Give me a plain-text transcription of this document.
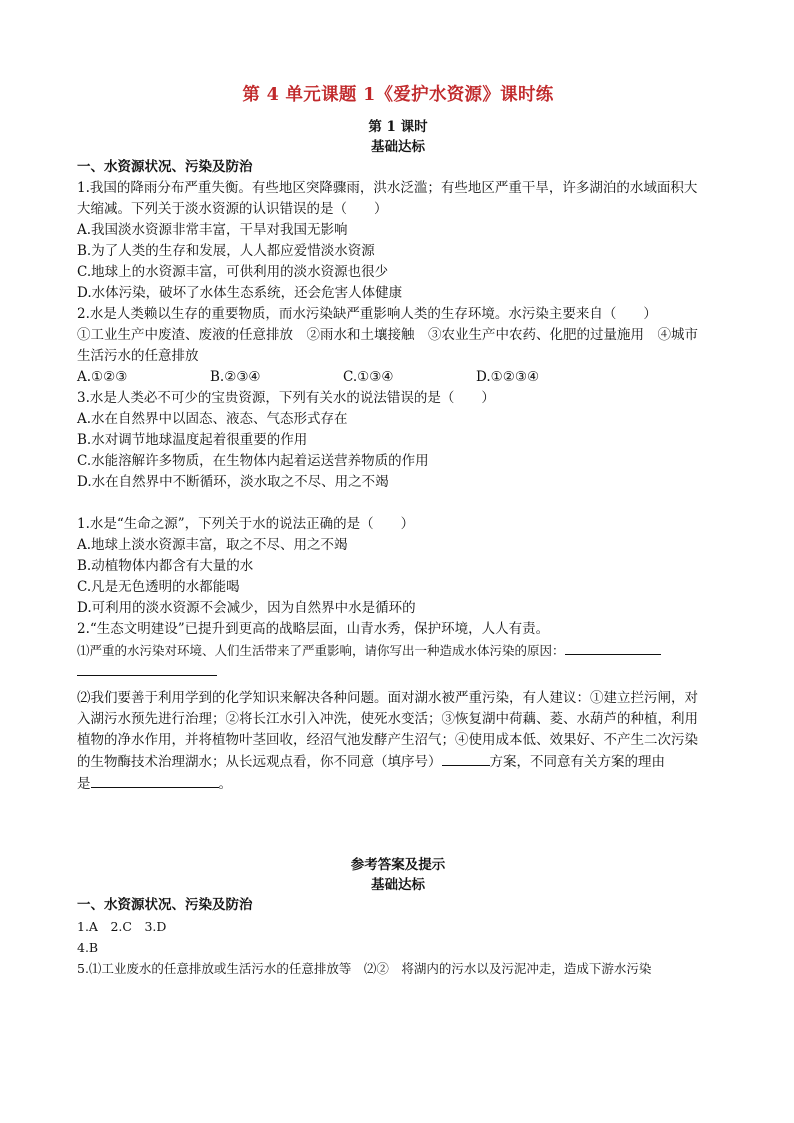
第 4 单元课题 1《爱护水资源》课时练
第 1 课时
基础达标
一、水资源状况、污染及防治
1.我国的降雨分布严重失衡。有些地区突降骤雨，洪水泛滥；有些地区严重干旱，许多湖泊的水域面积大
大缩减。下列关于淡水资源的认识错误的是（　　）
A.我国淡水资源非常丰富，干旱对我国无影响
B.为了人类的生存和发展，人人都应爱惜淡水资源
C.地球上的水资源丰富，可供利用的淡水资源也很少
D.水体污染，破坏了水体生态系统，还会危害人体健康
2.水是人类赖以生存的重要物质，而水污染缺严重影响人类的生存环境。水污染主要来自（　　）
①工业生产中废渣、废液的任意排放　②雨水和土壤接触　③农业生产中农药、化肥的过量施用　④城市
生活污水的任意排放
A.①②③	B.②③④	C.①③④	D.①②③④
3.水是人类必不可少的宝贵资源，下列有关水的说法错误的是（　　）
A.水在自然界中以固态、液态、气态形式存在
B.水对调节地球温度起着很重要的作用
C.水能溶解许多物质，在生物体内起着运送营养物质的作用
D.水在自然界中不断循环，淡水取之不尽、用之不竭
1.水是“生命之源”，下列关于水的说法正确的是（　　）
A.地球上淡水资源丰富，取之不尽、用之不竭
B.动植物体内都含有大量的水
C.凡是无色透明的水都能喝
D.可利用的淡水资源不会减少，因为自然界中水是循环的
2.“生态文明建设”已提升到更高的战略层面，山青水秀，保护环境，人人有责。
⑴严重的水污染对环境、人们生活带来了严重影响，请你写出一种造成水体污染的原因：
⑵我们要善于利用学到的化学知识来解决各种问题。面对湖水被严重污染，有人建议：①建立拦污闸，对
入湖污水预先进行治理；②将长江水引入冲洗，使死水变活；③恢复湖中荷藕、菱、水葫芦的种植，利用
植物的净水作用，并将植物叶茎回收，经沼气池发酵产生沼气；④使用成本低、效果好、不产生二次污染
的生物酶技术治理湖水；从长远观点看，你不同意（填序号）	方案，不同意有关方案的理由
是	。
参考答案及提示
基础达标
一、水资源状况、污染及防治
1.A　2.C　3.D
4.B
5.⑴工业废水的任意排放或生活污水的任意排放等　⑵②　将湖内的污水以及污泥冲走，造成下游水污染
